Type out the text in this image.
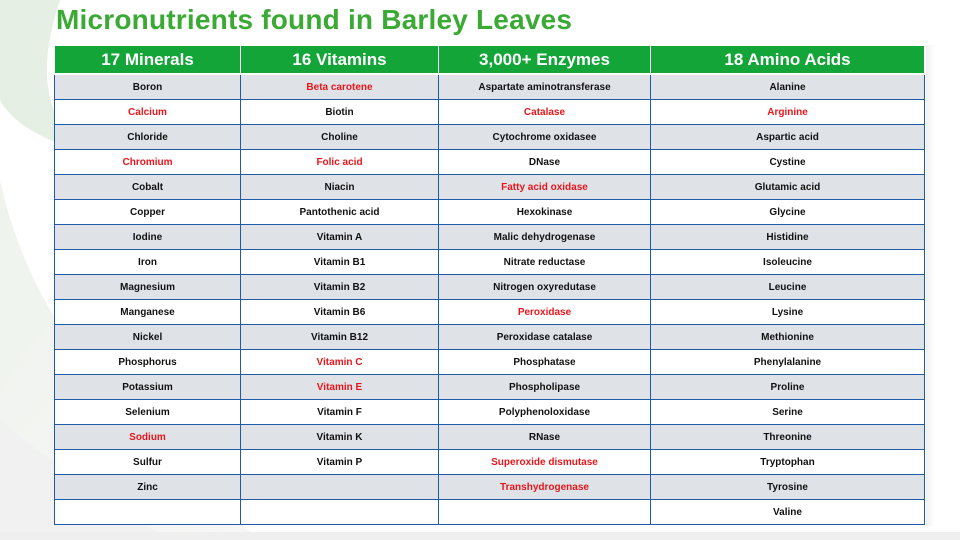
Micronutrients found in Barley Leaves
17 Minerals	16 Vitamins	3,000+ Enzymes	18 Amino Acids
Boron	Beta carotene	Aspartate aminotransferase	Alanine
Calcium	Biotin	Catalase	Arginine
Chloride	Choline	Cytochrome oxidasee	Aspartic acid
Chromium	Folic acid	DNase	Cystine
Cobalt	Niacin	Fatty acid oxidase	Glutamic acid
Copper	Pantothenic acid	Hexokinase	Glycine
Iodine	Vitamin A	Malic dehydrogenase	Histidine
Iron	Vitamin B1	Nitrate reductase	Isoleucine
Magnesium	Vitamin B2	Nitrogen oxyredutase	Leucine
Manganese	Vitamin B6	Peroxidase	Lysine
Nickel	Vitamin B12	Peroxidase catalase	Methionine
Phosphorus	Vitamin C	Phosphatase	Phenylalanine
Potassium	Vitamin E	Phospholipase	Proline
Selenium	Vitamin F	Polyphenoloxidase	Serine
Sodium	Vitamin K	RNase	Threonine
Sulfur	Vitamin P	Superoxide dismutase	Tryptophan
Zinc		Transhydrogenase	Tyrosine
			Valine
